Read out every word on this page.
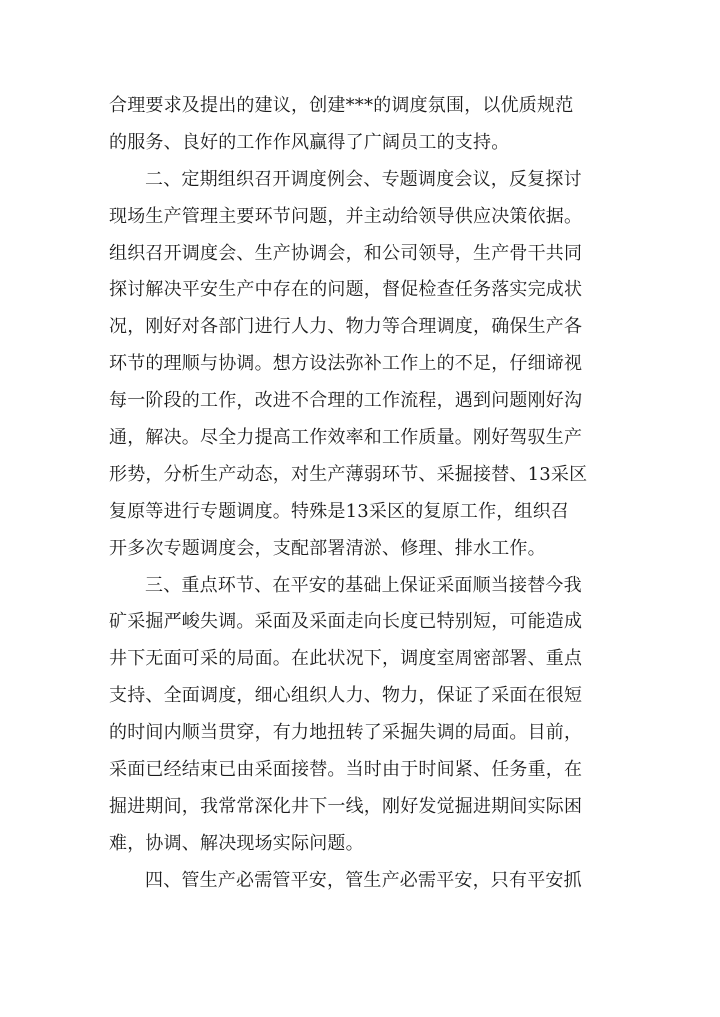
合理要求及提出的建议，创建***的调度氛围，以优质规范
的服务、良好的工作作风赢得了广阔员工的支持。
二、定期组织召开调度例会、专题调度会议，反复探讨
现场生产管理主要环节问题，并主动给领导供应决策依据。
组织召开调度会、生产协调会，和公司领导，生产骨干共同
探讨解决平安生产中存在的问题，督促检查任务落实完成状
况，刚好对各部门进行人力、物力等合理调度，确保生产各
环节的理顺与协调。想方设法弥补工作上的不足，仔细谛视
每一阶段的工作，改进不合理的工作流程，遇到问题刚好沟
通，解决。尽全力提高工作效率和工作质量。刚好驾驭生产
形势，分析生产动态，对生产薄弱环节、采掘接替、13采区
复原等进行专题调度。特殊是13采区的复原工作，组织召
开多次专题调度会，支配部署清淤、修理、排水工作。
三、重点环节、在平安的基础上保证采面顺当接替今我
矿采掘严峻失调。采面及采面走向长度已特别短，可能造成
井下无面可采的局面。在此状况下，调度室周密部署、重点
支持、全面调度，细心组织人力、物力，保证了采面在很短
的时间内顺当贯穿，有力地扭转了采掘失调的局面。目前，
采面已经结束已由采面接替。当时由于时间紧、任务重，在
掘进期间，我常常深化井下一线，刚好发觉掘进期间实际困
难，协调、解决现场实际问题。
四、管生产必需管平安，管生产必需平安，只有平安抓
